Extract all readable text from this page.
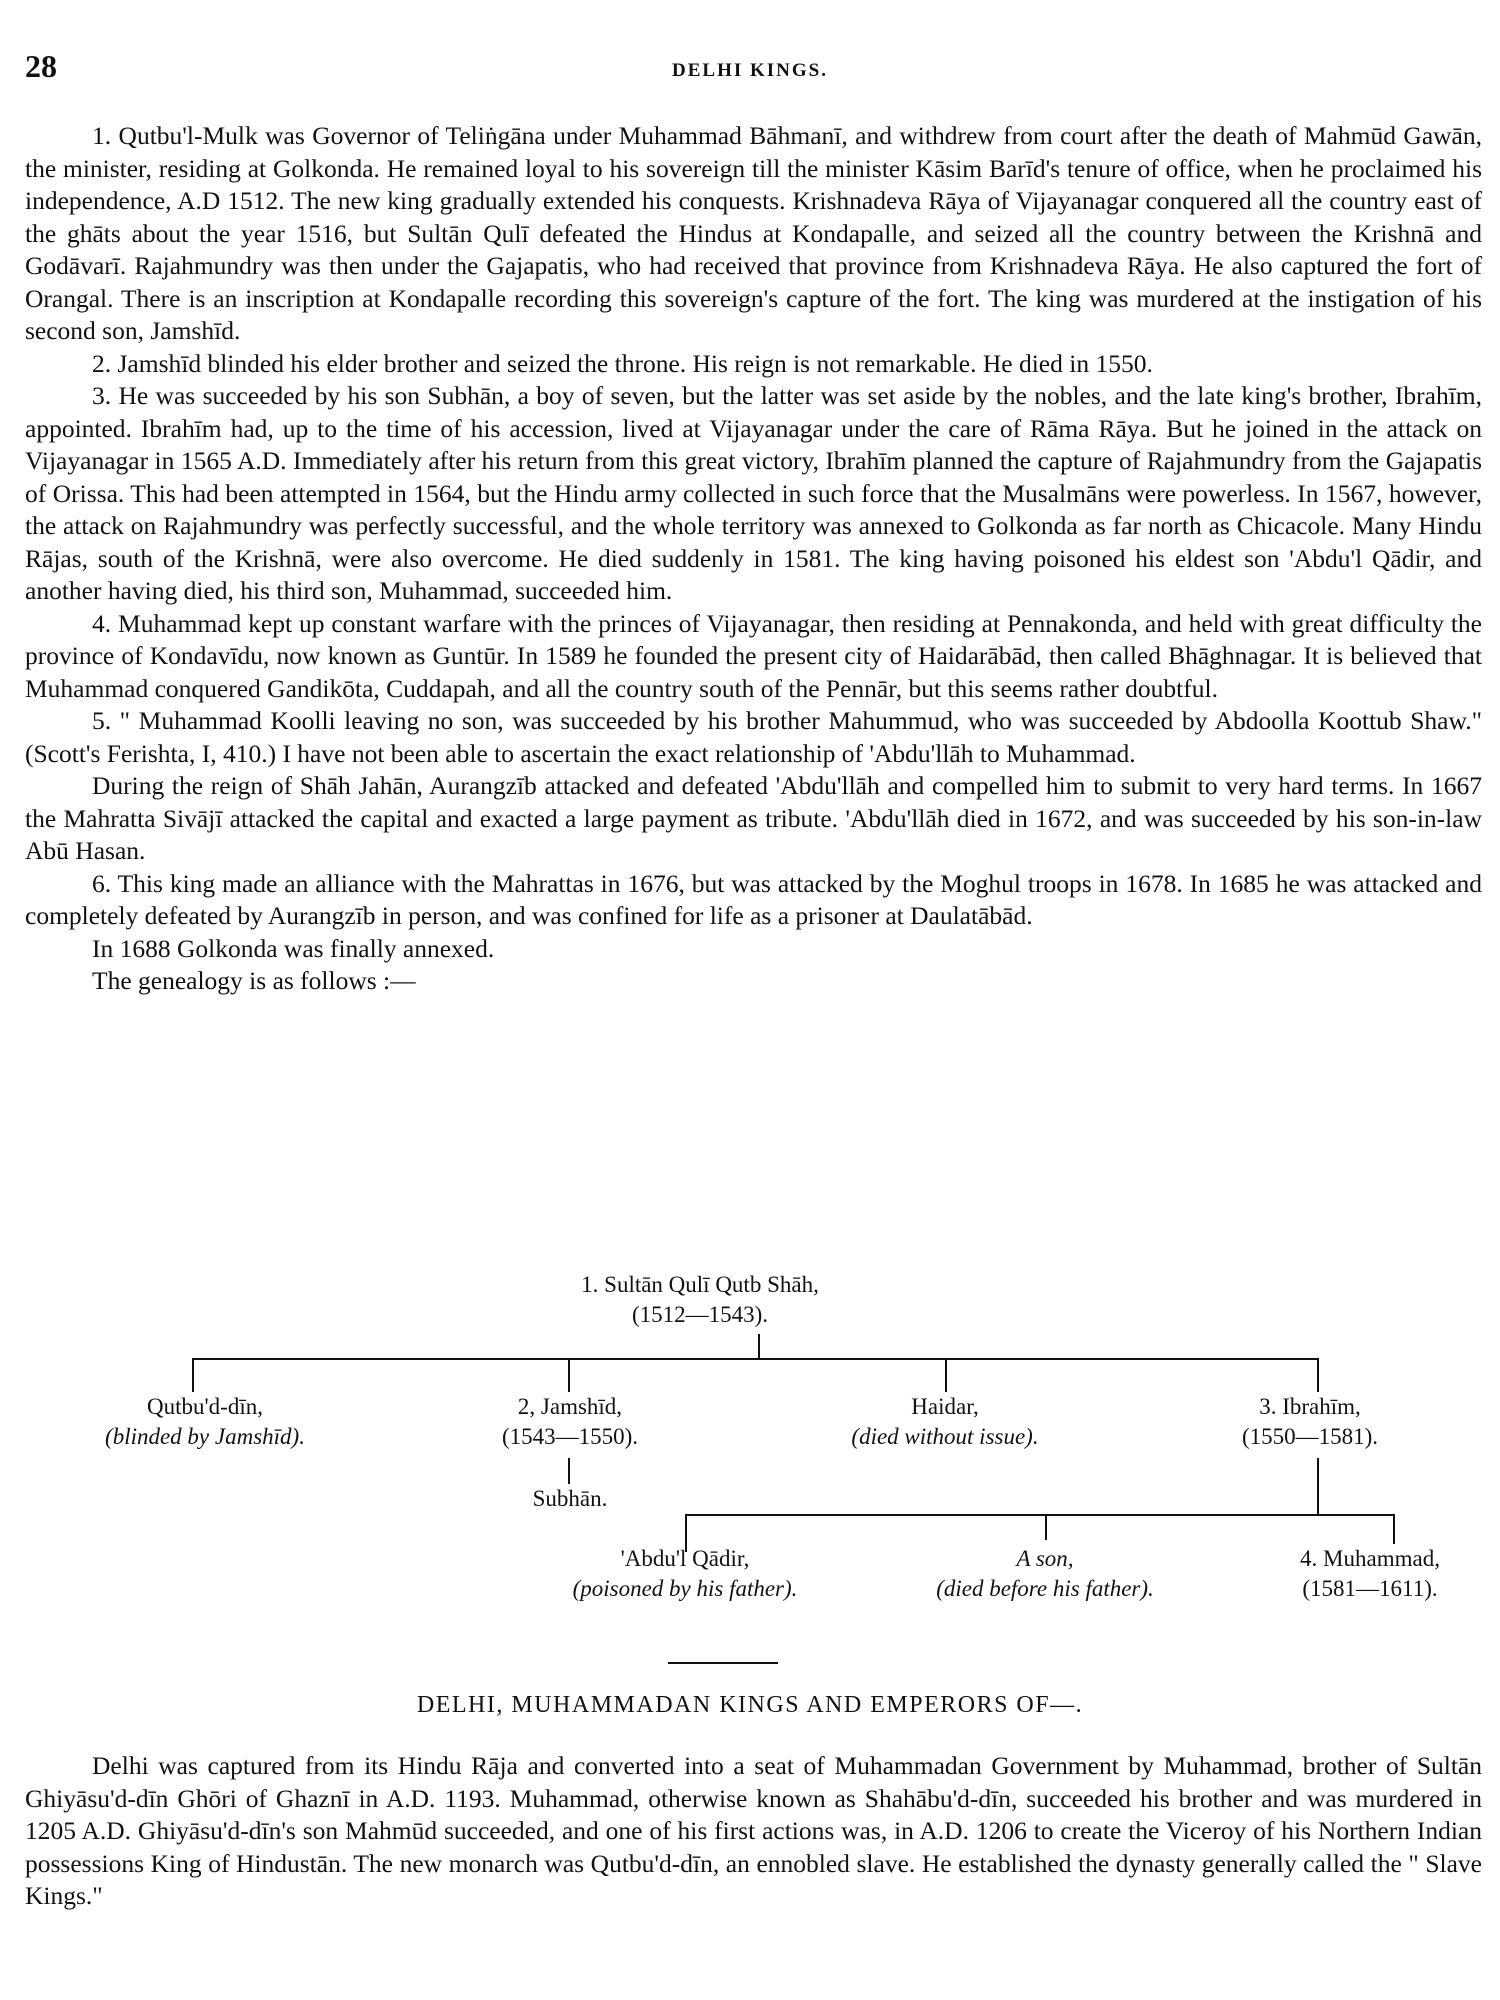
28	DELHI KINGS.

1. Qutbu'l-Mulk was Governor of Teliṅgāna under Muhammad Bāhmanī, and withdrew from court after the death of Mahmūd Gawān, the minister, residing at Golkonda. He remained loyal to his sovereign till the minister Kāsim Barīd's tenure of office, when he proclaimed his independence, A.D 1512. The new king gradually extended his conquests. Krishnadeva Rāya of Vijayanagar conquered all the country east of the ghāts about the year 1516, but Sultān Qulī defeated the Hindus at Kondapalle, and seized all the country between the Krishnā and Godāvarī. Rajahmundry was then under the Gajapatis, who had received that province from Krishnadeva Rāya. He also captured the fort of Orangal. There is an inscription at Kondapalle recording this sovereign's capture of the fort. The king was murdered at the instigation of his second son, Jamshīd.

2. Jamshīd blinded his elder brother and seized the throne. His reign is not remarkable. He died in 1550.

3. He was succeeded by his son Subhān, a boy of seven, but the latter was set aside by the nobles, and the late king's brother, Ibrahīm, appointed. Ibrahīm had, up to the time of his accession, lived at Vijayanagar under the care of Rāma Rāya. But he joined in the attack on Vijayanagar in 1565 A.D. Immediately after his return from this great victory, Ibrahīm planned the capture of Rajahmundry from the Gajapatis of Orissa. This had been attempted in 1564, but the Hindu army collected in such force that the Musalmāns were powerless. In 1567, however, the attack on Rajahmundry was perfectly successful, and the whole territory was annexed to Golkonda as far north as Chicacole. Many Hindu Rājas, south of the Krishnā, were also overcome. He died suddenly in 1581. The king having poisoned his eldest son 'Abdu'l Qādir, and another having died, his third son, Muhammad, succeeded him.

4. Muhammad kept up constant warfare with the princes of Vijayanagar, then residing at Pennakonda, and held with great difficulty the province of Kondavīdu, now known as Guntūr. In 1589 he founded the present city of Haidarābād, then called Bhāghnagar. It is believed that Muhammad conquered Gandikōta, Cuddapah, and all the country south of the Pennār, but this seems rather doubtful.

5. " Muhammad Koolli leaving no son, was succeeded by his brother Mahummud, who was succeeded by Abdoolla Koottub Shaw." (Scott's Ferishta, I, 410.) I have not been able to ascertain the exact relationship of 'Abdu'llāh to Muhammad.

During the reign of Shāh Jahān, Aurangzīb attacked and defeated 'Abdu'llāh and compelled him to submit to very hard terms. In 1667 the Mahratta Sivājī attacked the capital and exacted a large payment as tribute. 'Abdu'llāh died in 1672, and was succeeded by his son-in-law Abū Hasan.

6. This king made an alliance with the Mahrattas in 1676, but was attacked by the Moghul troops in 1678. In 1685 he was attacked and completely defeated by Aurangzīb in person, and was confined for life as a prisoner at Daulatābād.

In 1688 Golkonda was finally annexed.

The genealogy is as follows :—

1. Sultān Qulī Qutb Shāh,
(1512—1543).
Qutbu'd-dīn,
(blinded by Jamshīd).
2, Jamshīd,
(1543—1550).
Haidar,
(died without issue).
3. Ibrahīm,
(1550—1581).
Subhān.
'Abdu'l Qādir,
(poisoned by his father).
A son,
(died before his father).
4. Muhammad,
(1581—1611).
DELHI, MUHAMMADAN KINGS AND EMPERORS OF—.

Delhi was captured from its Hindu Rāja and converted into a seat of Muhammadan Government by Muhammad, brother of Sultān Ghiyāsu'd-dīn Ghōri of Ghaznī in A.D. 1193. Muhammad, otherwise known as Shahābu'd-dīn, succeeded his brother and was murdered in 1205 A.D. Ghiyāsu'd-dīn's son Mahmūd succeeded, and one of his first actions was, in A.D. 1206 to create the Viceroy of his Northern Indian possessions King of Hindustān. The new monarch was Qutbu'd-dīn, an ennobled slave. He established the dynasty generally called the " Slave Kings."
